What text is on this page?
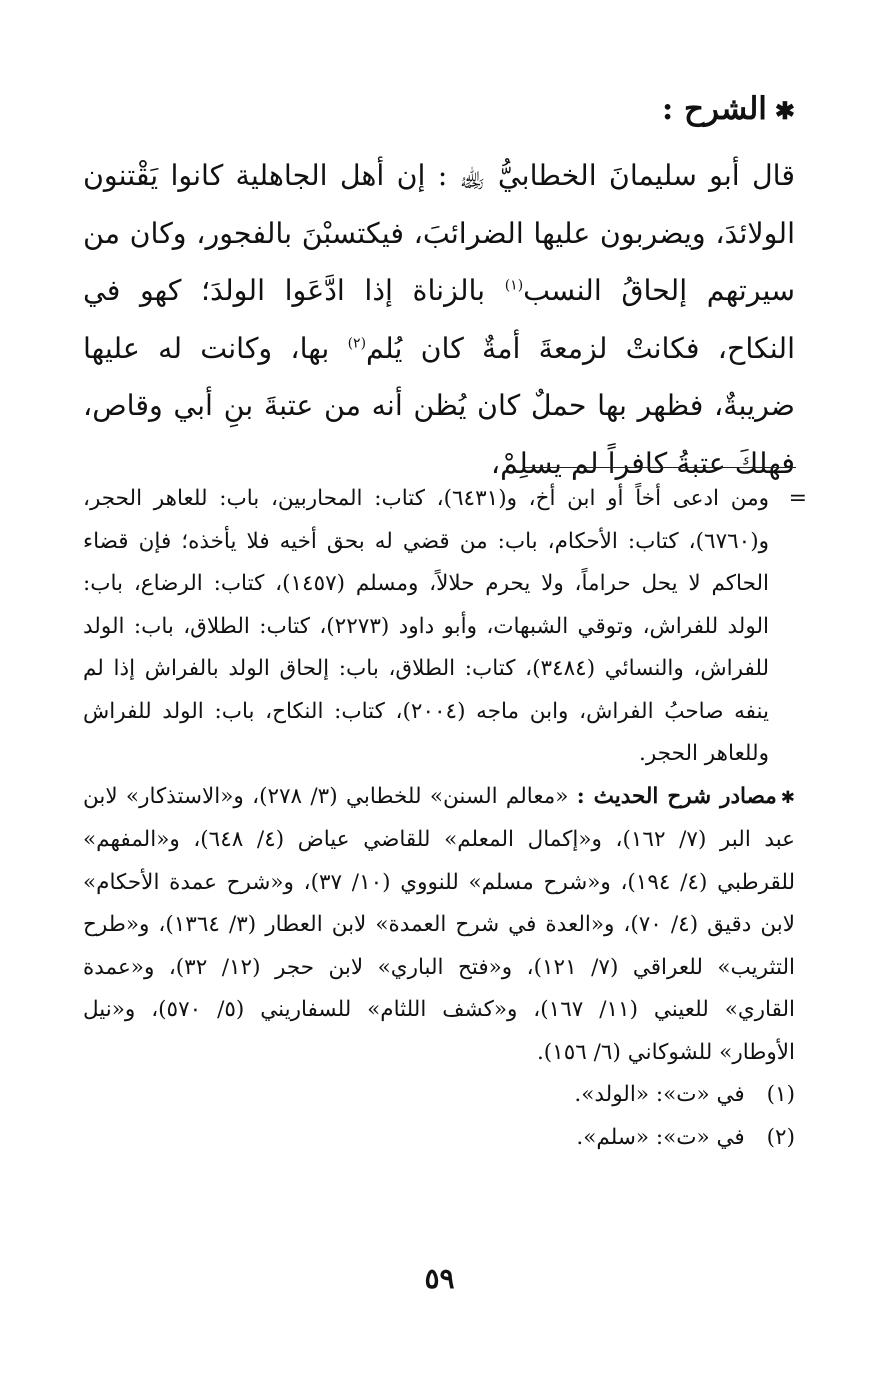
✱الشرح :

قال أبو سليمانَ الخطابيُّ ﵀ : إن أهل الجاهلية كانوا يَقْتنون الولائدَ، ويضربون عليها الضرائبَ، فيكتسبْنَ بالفجور، وكان من سيرتهم إلحاقُ النسب$^{(١)}$ بالزناة إذا ادَّعَوا الولدَ؛ كهو في النكاح، فكانتْ لزمعةَ أمةٌ كان يُلم$^{(٢)}$ بها، وكانت له عليها ضريبةٌ، فظهر بها حملٌ كان يُظن أنه من عتبةَ بنِ أبي وقاص، فهلكَ عتبةُ كافراً لم يسلِمْ،

=
ومن ادعى أخاً أو ابن أخ، و(٦٤٣١)، كتاب: المحاربين، باب: للعاهر الحجر، و(٦٧٦٠)، كتاب: الأحكام، باب: من قضي له بحق أخيه فلا يأخذه؛ فإن قضاء الحاكم لا يحل حراماً، ولا يحرم حلالاً، ومسلم (١٤٥٧)، كتاب: الرضاع، باب: الولد للفراش، وتوقي الشبهات، وأبو داود (٢٢٧٣)، كتاب: الطلاق، باب: الولد للفراش، والنسائي (٣٤٨٤)، كتاب: الطلاق، باب: إلحاق الولد بالفراش إذا لم ينفه صاحبُ الفراش، وابن ماجه (٢٠٠٤)، كتاب: النكاح، باب: الولد للفراش وللعاهر الحجر.
✱مصادر شرح الحديث : «معالم السنن» للخطابي (٣/ ٢٧٨)، و«الاستذكار» لابن عبد البر (٧/ ١٦٢)، و«إكمال المعلم» للقاضي عياض (٤/ ٦٤٨)، و«المفهم» للقرطبي (٤/ ١٩٤)، و«شرح مسلم» للنووي (١٠/ ٣٧)، و«شرح عمدة الأحكام» لابن دقيق (٤/ ٧٠)، و«العدة في شرح العمدة» لابن العطار (٣/ ١٣٦٤)، و«طرح التثريب» للعراقي (٧/ ١٢١)، و«فتح الباري» لابن حجر (١٢/ ٣٢)، و«عمدة القاري» للعيني (١١/ ١٦٧)، و«كشف اللثام» للسفاريني (٥/ ٥٧٠)، و«نيل الأوطار» للشوكاني (٦/ ١٥٦).
(١)
في «ت»: «الولد».
(٢)
في «ت»: «سلم».
٥٩
